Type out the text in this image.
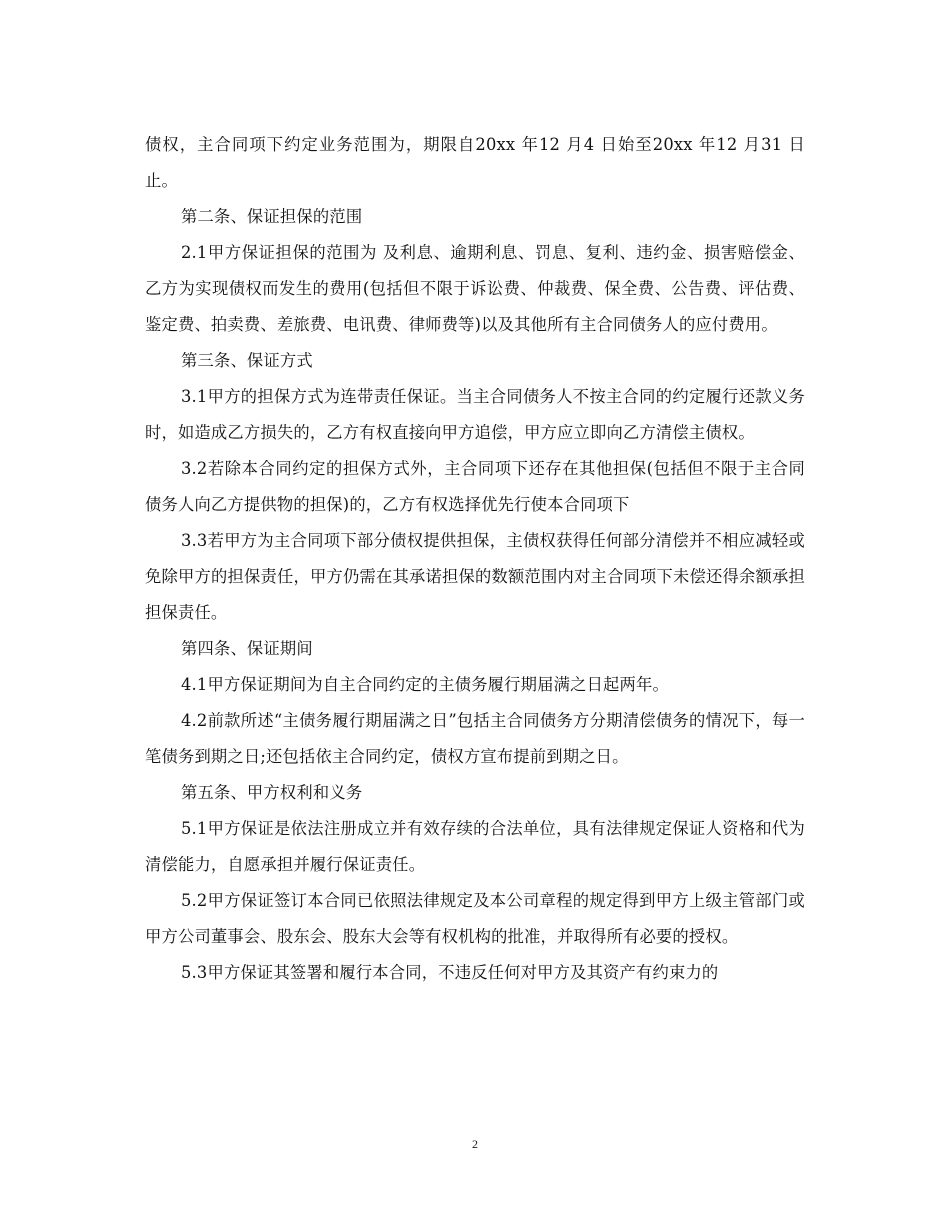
债权，主合同项下约定业务范围为，期限自20xx 年12 月4 日始至20xx 年12 月31 日止。

第二条、保证担保的范围

2.1甲方保证担保的范围为 及利息、逾期利息、罚息、复利、违约金、损害赔偿金、乙方为实现债权而发生的费用(包括但不限于诉讼费、仲裁费、保全费、公告费、评估费、鉴定费、拍卖费、差旅费、电讯费、律师费等)以及其他所有主合同债务人的应付费用。

第三条、保证方式

3.1甲方的担保方式为连带责任保证。当主合同债务人不按主合同的约定履行还款义务时，如造成乙方损失的，乙方有权直接向甲方追偿，甲方应立即向乙方清偿主债权。

3.2若除本合同约定的担保方式外，主合同项下还存在其他担保(包括但不限于主合同债务人向乙方提供物的担保)的，乙方有权选择优先行使本合同项下

3.3若甲方为主合同项下部分债权提供担保，主债权获得任何部分清偿并不相应减轻或免除甲方的担保责任，甲方仍需在其承诺担保的数额范围内对主合同项下未偿还得余额承担担保责任。

第四条、保证期间

4.1甲方保证期间为自主合同约定的主债务履行期届满之日起两年。

4.2前款所述“主债务履行期届满之日”包括主合同债务方分期清偿债务的情况下，每一笔债务到期之日;还包括依主合同约定，债权方宣布提前到期之日。

第五条、甲方权利和义务

5.1甲方保证是依法注册成立并有效存续的合法单位，具有法律规定保证人资格和代为清偿能力，自愿承担并履行保证责任。

5.2甲方保证签订本合同已依照法律规定及本公司章程的规定得到甲方上级主管部门或甲方公司董事会、股东会、股东大会等有权机构的批准，并取得所有必要的授权。

5.3甲方保证其签署和履行本合同，不违反任何对甲方及其资产有约束力的

2
